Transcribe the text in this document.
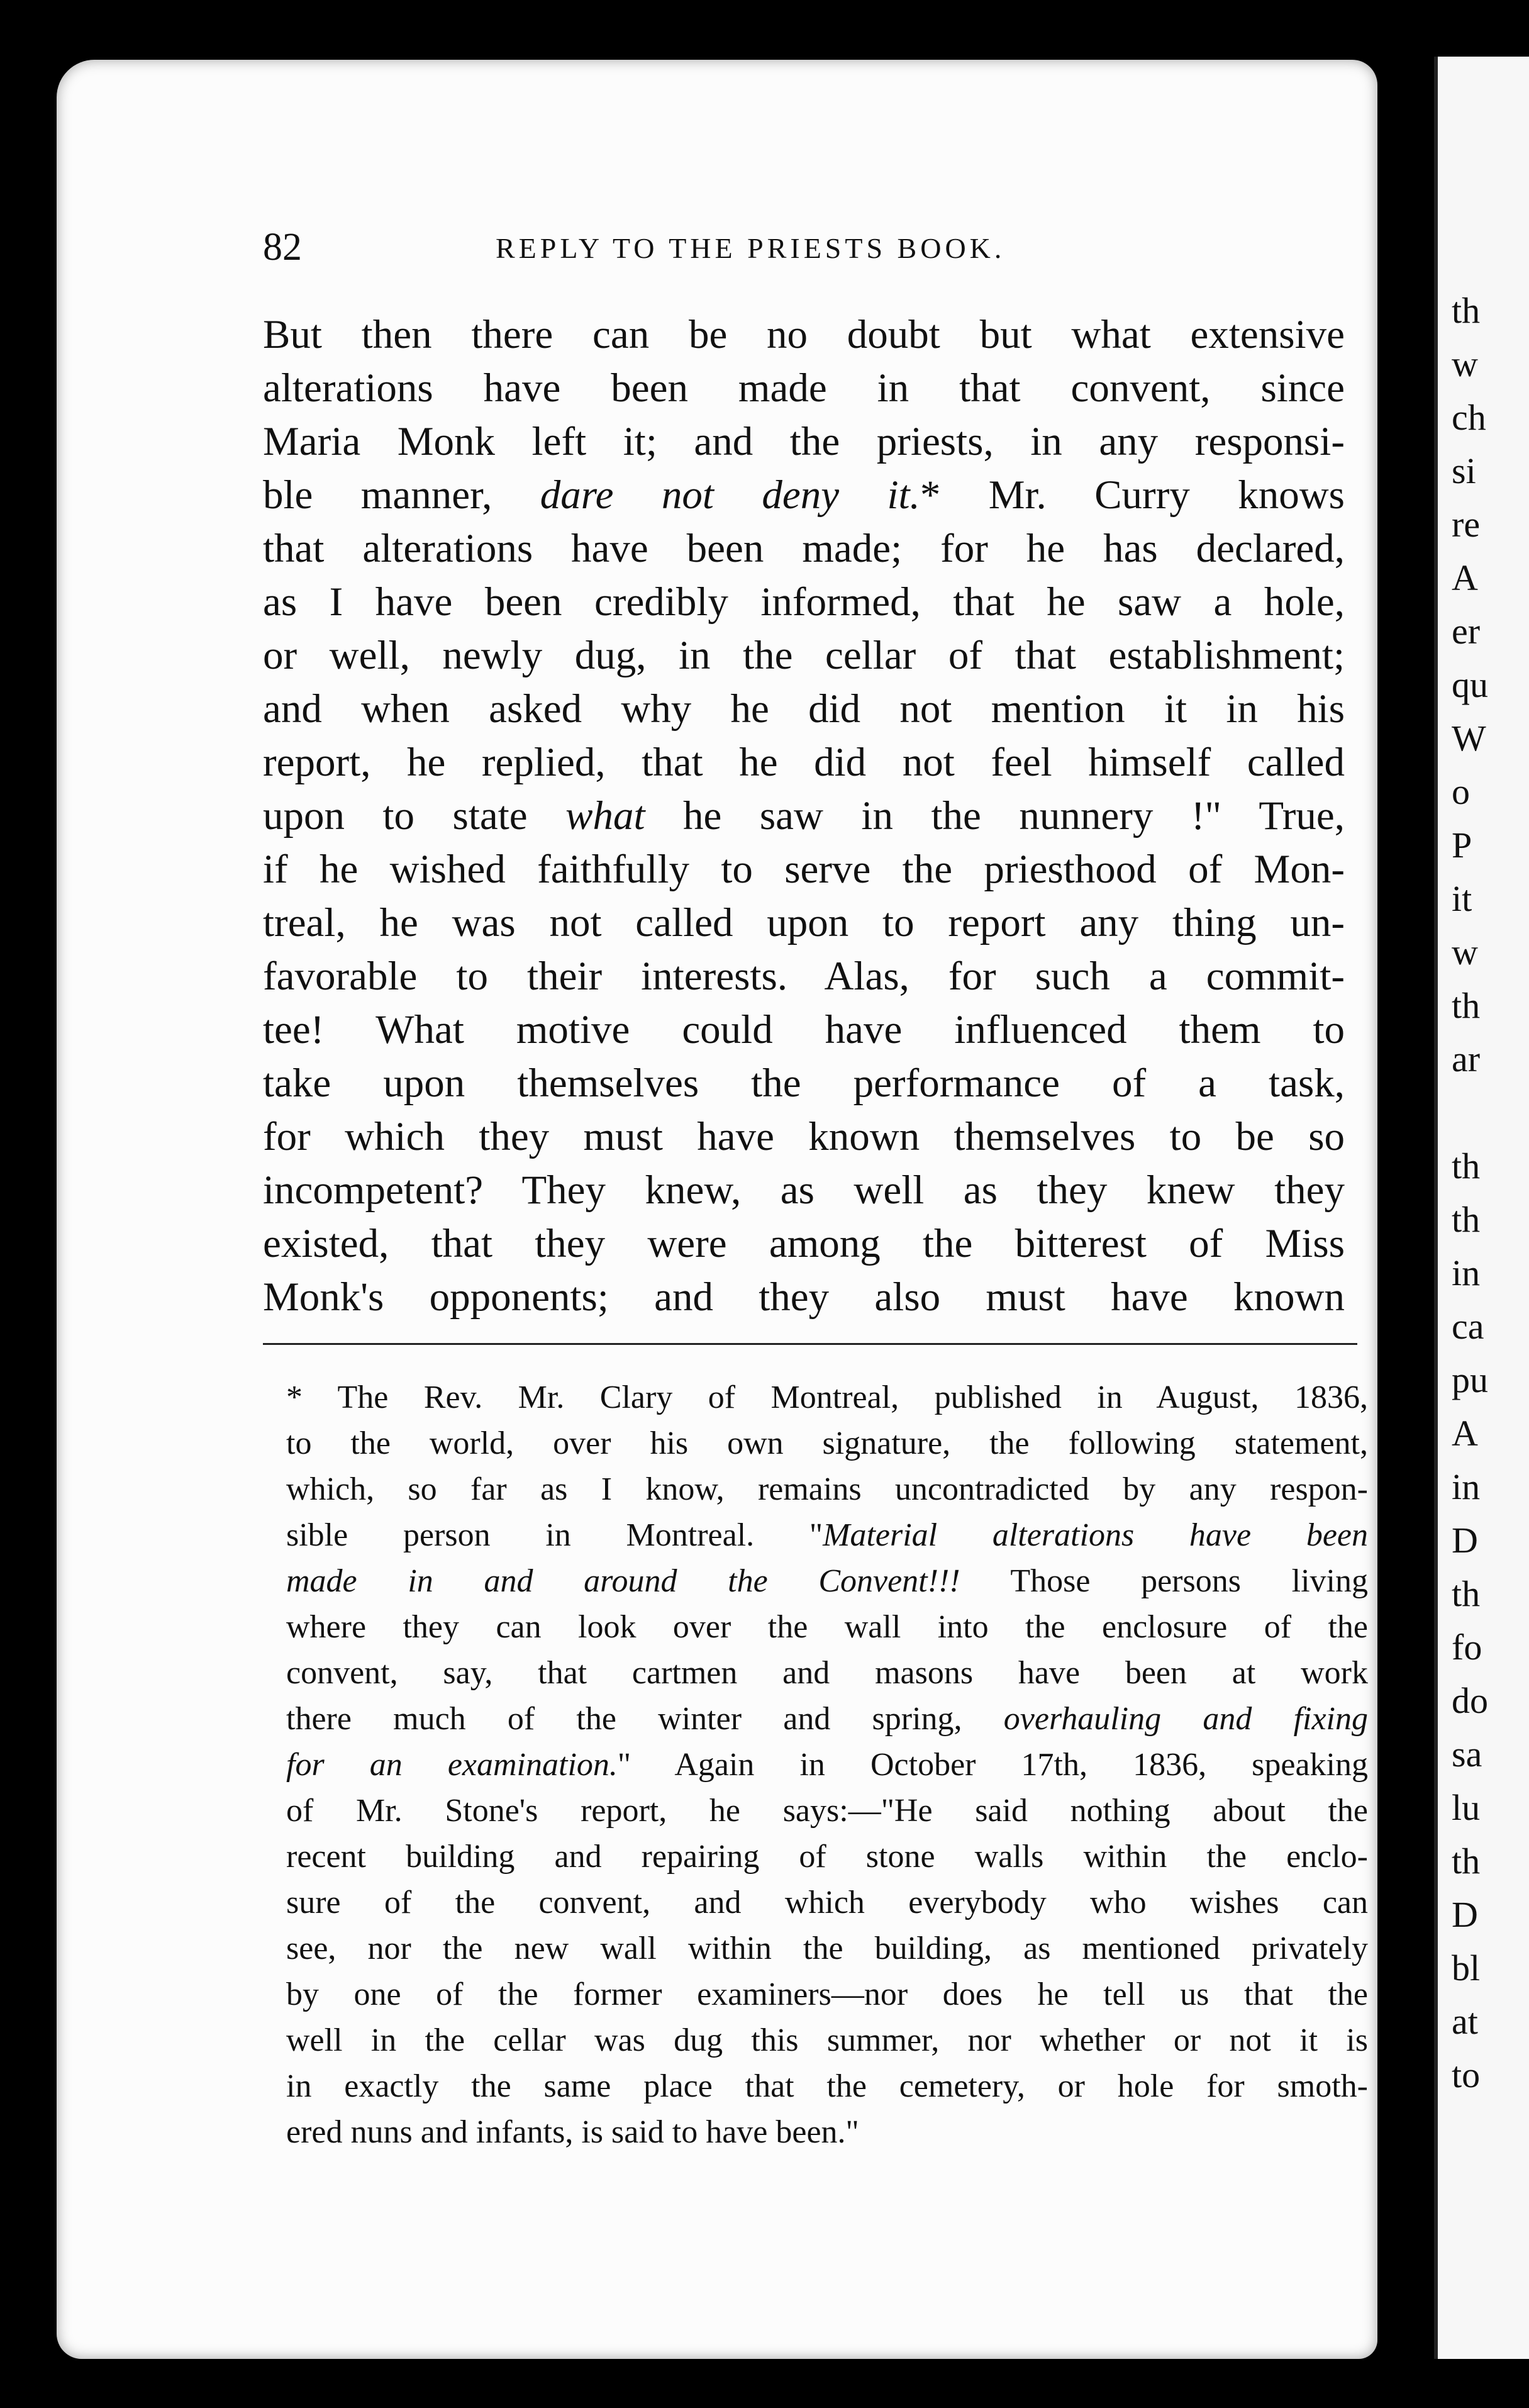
th
w
ch
si
re
A
er
qu
W
o
P
it
w
th
ar
th
th
in
ca
pu
A
in
D
th
fo
do
sa
lu
th
D
bl
at
to
82	REPLY TO THE PRIESTS BOOK.
But then there can be no doubt but what extensive
alterations have been made in that convent, since
Maria Monk left it; and the priests, in any responsi-
ble manner, dare not deny it.* Mr. Curry knows
that alterations have been made; for he has declared,
as I have been credibly informed, that he saw a hole,
or well, newly dug, in the cellar of that establishment;
and when asked why he did not mention it in his
report, he replied, that he did not feel himself called
upon to state what he saw in the nunnery !" True,
if he wished faithfully to serve the priesthood of Mon-
treal, he was not called upon to report any thing un-
favorable to their interests. Alas, for such a commit-
tee! What motive could have influenced them to
take upon themselves the performance of a task,
for which they must have known themselves to be so
incompetent? They knew, as well as they knew they
existed, that they were among the bitterest of Miss
Monk's opponents; and they also must have known
* The Rev. Mr. Clary of Montreal, published in August, 1836,
to the world, over his own signature, the following statement,
which, so far as I know, remains uncontradicted by any respon-
sible person in Montreal. "Material alterations have been
made in and around the Convent!!! Those persons living
where they can look over the wall into the enclosure of the
convent, say, that cartmen and masons have been at work
there much of the winter and spring, overhauling and fixing
for an examination." Again in October 17th, 1836, speaking
of Mr. Stone's report, he says:—"He said nothing about the
recent building and repairing of stone walls within the enclo-
sure of the convent, and which everybody who wishes can
see, nor the new wall within the building, as mentioned privately
by one of the former examiners—nor does he tell us that the
well in the cellar was dug this summer, nor whether or not it is
in exactly the same place that the cemetery, or hole for smoth-
ered nuns and infants, is said to have been."
